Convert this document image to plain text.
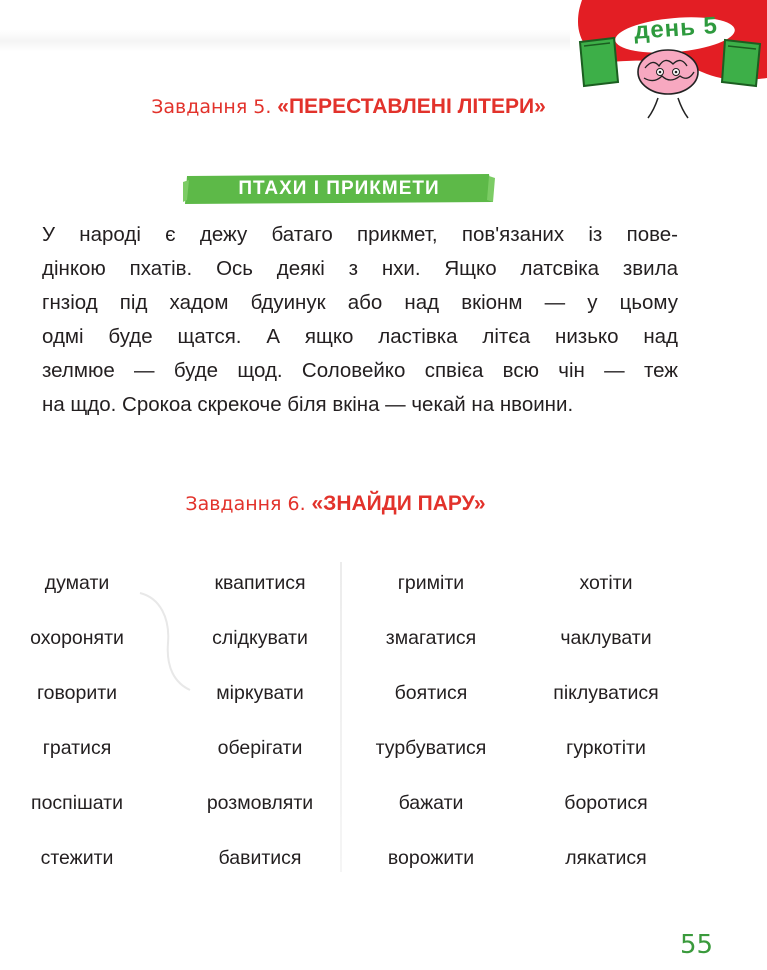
день 5
Завдання 5. «ПЕРЕСТАВЛЕНІ ЛІТЕРИ»
ПТАХИ І ПРИКМЕТИ
У народі є дежу батаго прикмет, пов'язаних із пове-
дінкою пхатів. Ось деякі з нхи. Ящко латсвіка звила
гнзіод під хадом бдуинук або над вкіонм — у цьому
одмі буде щатся. А ящко ластівка літєа низько над
зелмюе — буде щод. Соловейко спвієа всю чін — теж
на щдо. Срокоа скрекоче біля вкіна — чекай на нвоини.
Завдання 6. «ЗНАЙДИ ПАРУ»
думати	квапитися	гриміти	хотіти
охороняти	слідкувати	змагатися	чаклувати
говорити	міркувати	боятися	піклуватися
гратися	оберігати	турбуватися	гуркотіти
поспішати	розмовляти	бажати	боротися
стежити	бавитися	ворожити	лякатися
55
